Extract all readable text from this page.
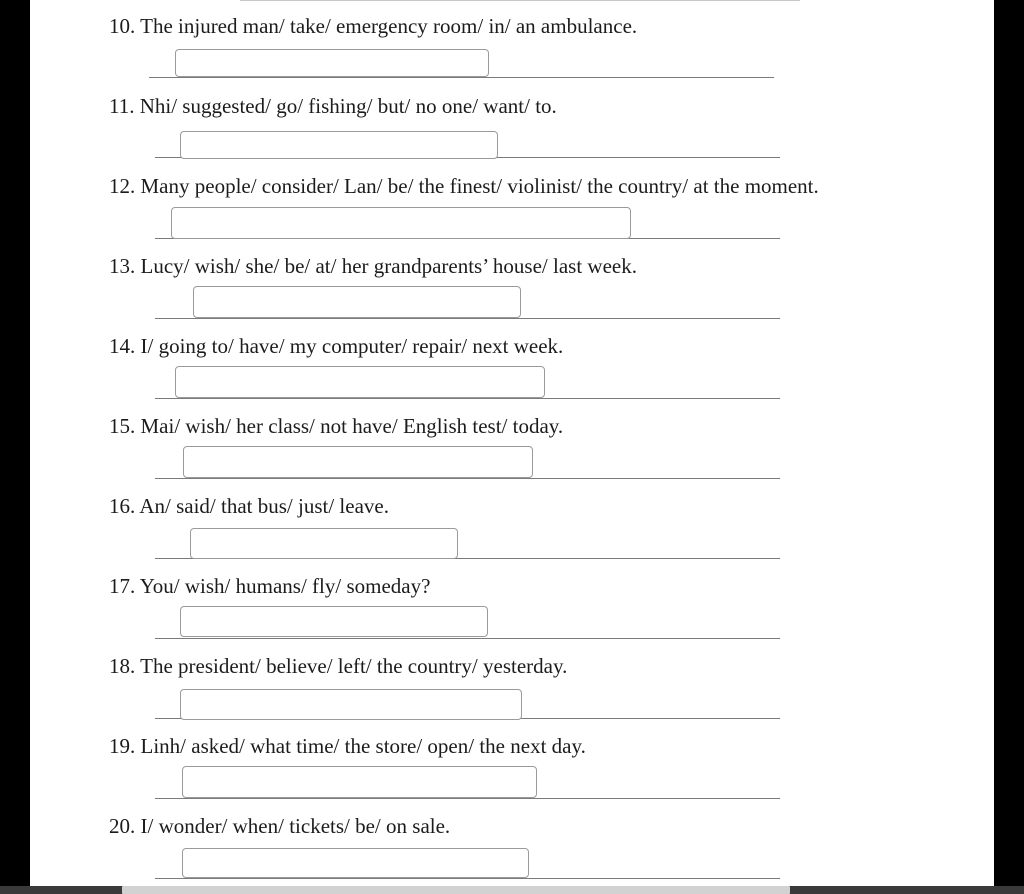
10. The injured man/ take/ emergency room/ in/ an ambulance.

11. Nhi/ suggested/ go/ fishing/ but/ no one/ want/ to.

12. Many people/ consider/ Lan/ be/ the finest/ violinist/ the country/ at the moment.

13. Lucy/ wish/ she/ be/ at/ her grandparents’ house/ last week.

14. I/ going to/ have/ my computer/ repair/ next week.

15. Mai/ wish/ her class/ not have/ English test/ today.

16. An/ said/ that bus/ just/ leave.

17. You/ wish/ humans/ fly/ someday?

18. The president/ believe/ left/ the country/ yesterday.

19. Linh/ asked/ what time/ the store/ open/ the next day.

20. I/ wonder/ when/ tickets/ be/ on sale.
